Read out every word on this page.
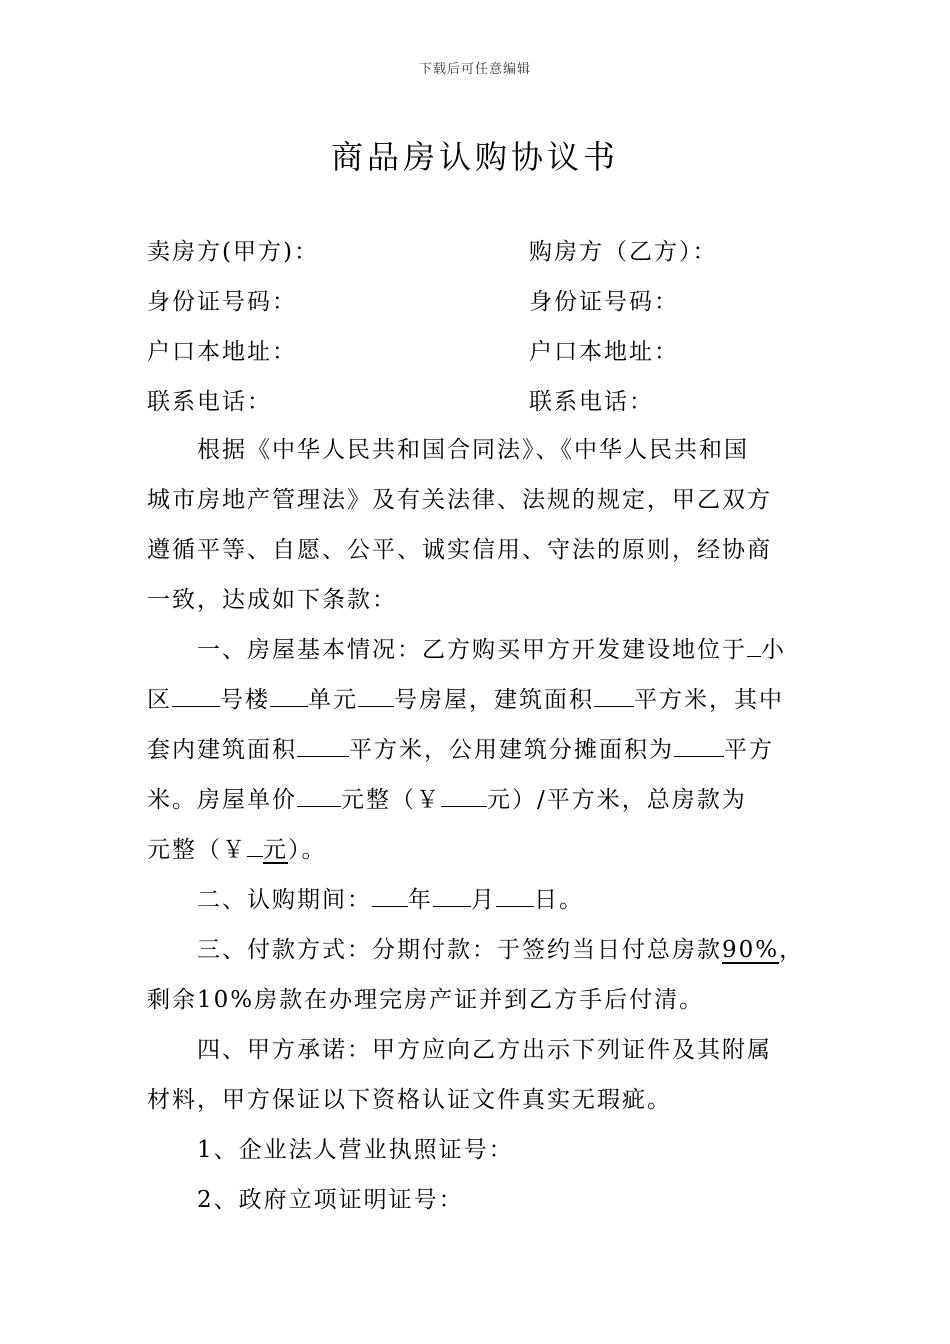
下载后可任意编辑
商品房认购协议书
卖房方(甲方)：	购房方（乙方）：
身份证号码：	身份证号码：
户口本地址：	户口本地址：
联系电话：	联系电话：
根据《中华人民共和国合同法》、《中华人民共和国
城市房地产管理法》及有关法律、法规的规定，甲乙双方
遵循平等、自愿、公平、诚实信用、守法的原则，经协商
一致，达成如下条款：
一、房屋基本情况：乙方购买甲方开发建设地位于 小
区 号楼 单元 号房屋，建筑面积 平方米，其中
套内建筑面积 平方米，公用建筑分摊面积为 平方
米。房屋单价 元整（￥ 元）/平方米，总房款为
元整（￥ 元）。
二、认购期间： 年 月 日。
三、付款方式：分期付款：于签约当日付总房款90%，
剩余10%房款在办理完房产证并到乙方手后付清。
四、甲方承诺：甲方应向乙方出示下列证件及其附属
材料，甲方保证以下资格认证文件真实无瑕疵。
1、企业法人营业执照证号：
2、政府立项证明证号：
